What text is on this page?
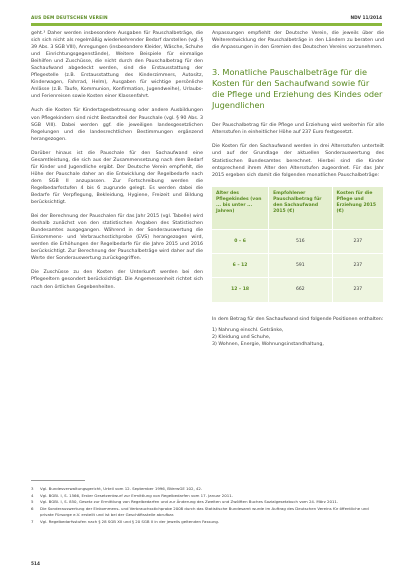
AUS DEM DEUTSCHEN VEREIN	NDV 11/2014

geht.³ Daher werden insbesondere Ausgaben für Pauschalbeträge, die sich sich nicht als regelmäßig wiederkehrender Bedarf darstellen (vgl. § 39 Abs. 3 SGB VIII), Anregungen (insbesondere Kleider, Wäsche, Schuhe und Einrichtungsgegenstände), Weitere Beispiele für einmalige Beihilfen und Zuschüsse, die nicht durch den Pauschalbetrag für den Sachaufwand abgedeckt werden, sind die Erstausstattung der Pflegestelle (z.B. Erstausstattung des Kinderzimmers, Autositz, Kinderwagen, Fahrrad, Helm), Ausgaben für wichtige persönliche Anlässe (z.B. Taufe, Kommunion, Konfirmation, Jugendweihe), Urlaubs- und Ferienreisen sowie Kosten einer Klassenfahrt.

Auch die Kosten für Kindertagesbetreuung oder andere Ausbildungen von Pflegekindern sind nicht Bestandteil der Pauschale (vgl. § 90 Abs. 3 SGB VIII). Dabei werden ggf. die jeweiligen landesgesetzlichen Regelungen und die landesrechtlichen Bestimmungen ergänzend herangezogen.

Darüber hinaus ist die Pauschale für den Sachaufwand eine Gesamtleistung, die sich aus der Zusammensetzung nach dem Bedarf für Kinder und Jugendliche ergibt. Der Deutsche Verein empfiehlt, die Höhe der Pauschale daher an die Entwicklung der Regelbedarfe nach dem SGB II anzupassen. Zur Fortschreibung werden die Regelbedarfsstufen 4 bis 6 zugrunde gelegt. Es werden dabei die Bedarfe für Verpflegung, Bekleidung, Hygiene, Freizeit und Bildung berücksichtigt.

Bei der Berechnung der Pauschalen für das Jahr 2015 (vgl. Tabelle) wird deshalb zunächst von den statistischen Angaben des Statistischen Bundesamtes ausgegangen. Während in der Sonderauswertung die Einkommens- und Verbrauchsstichprobe (EVS) herangezogen wird, werden die Erhöhungen der Regelbedarfe für die Jahre 2015 und 2016 berücksichtigt. Zur Berechnung der Pauschalbeträge wird daher auf die Werte der Sonderauswertung zurückgegriffen.

Die Zuschüsse zu den Kosten der Unterkunft werden bei den Pflegeeltern gesondert berücksichtigt. Die Angemessenheit richtet sich nach den örtlichen Gegebenheiten.

Anpassungen empfiehlt der Deutsche Verein, die jeweils über die Weiterentwicklung der Pauschalbeträge in den Ländern zu beraten und die Anpassungen in den Gremien des Deutschen Vereins vorzunehmen.

3. Monatliche Pauschalbeträge für die Kosten für den Sachaufwand sowie für die Pflege und Erziehung des Kindes oder Jugendlichen

Der Pauschalbetrag für die Pflege und Erziehung wird weiterhin für alle Altersstufen in einheitlicher Höhe auf 237 Euro festgesetzt.

Die Kosten für den Sachaufwand werden in drei Altersstufen unterteilt und auf der Grundlage der aktuellen Sonderauswertung des Statistischen Bundesamtes berechnet. Hierbei sind die Kinder entsprechend ihrem Alter den Altersstufen zugeordnet. Für das Jahr 2015 ergeben sich damit die folgenden monatlichen Pauschalbeträge:

Alter des Pflegekindes (von ... bis unter ... Jahren)	Empfohlener Pauschalbetrag für den Sachaufwand 2015 (€)	Kosten für die Pflege und Erziehung 2015 (€)
0 – 6	516	237
6 – 12	591	237
12 – 18	662	237

In dem Betrag für den Sachaufwand sind folgende Positionen enthalten:

1) Nahrung einschl. Getränke,
2) Kleidung und Schuhe,
3) Wohnen, Energie, Wohnungsinstandhaltung,
3	Vgl. Bundesverwaltungsgericht, Urteil vom 12. September 1996, BVerwGE 102, 42.
4	Vgl. BGBl. I, S. 1566, Erster Gesetzentwurf zur Ermittlung von Regelbedarfen vom 17. Januar 2011.
5	Vgl. BGBl. I, S. 850, Gesetz zur Ermittlung von Regelbedarfen und zur Änderung des Zweiten und Zwölften Buches Sozialgesetzbuch vom 24. März 2011.
6	Die Sonderauswertung der Einkommens- und Verbrauchsstichprobe 2008 durch das Statistische Bundesamt wurde im Auftrag des Deutschen Vereins für öffentliche und private Fürsorge e.V. erstellt und ist bei der Geschäftsstelle abrufbar.
7	Vgl. Regelbedarfsstufen nach § 28 SGB XII und § 20 SGB II in der jeweils geltenden Fassung.
514
